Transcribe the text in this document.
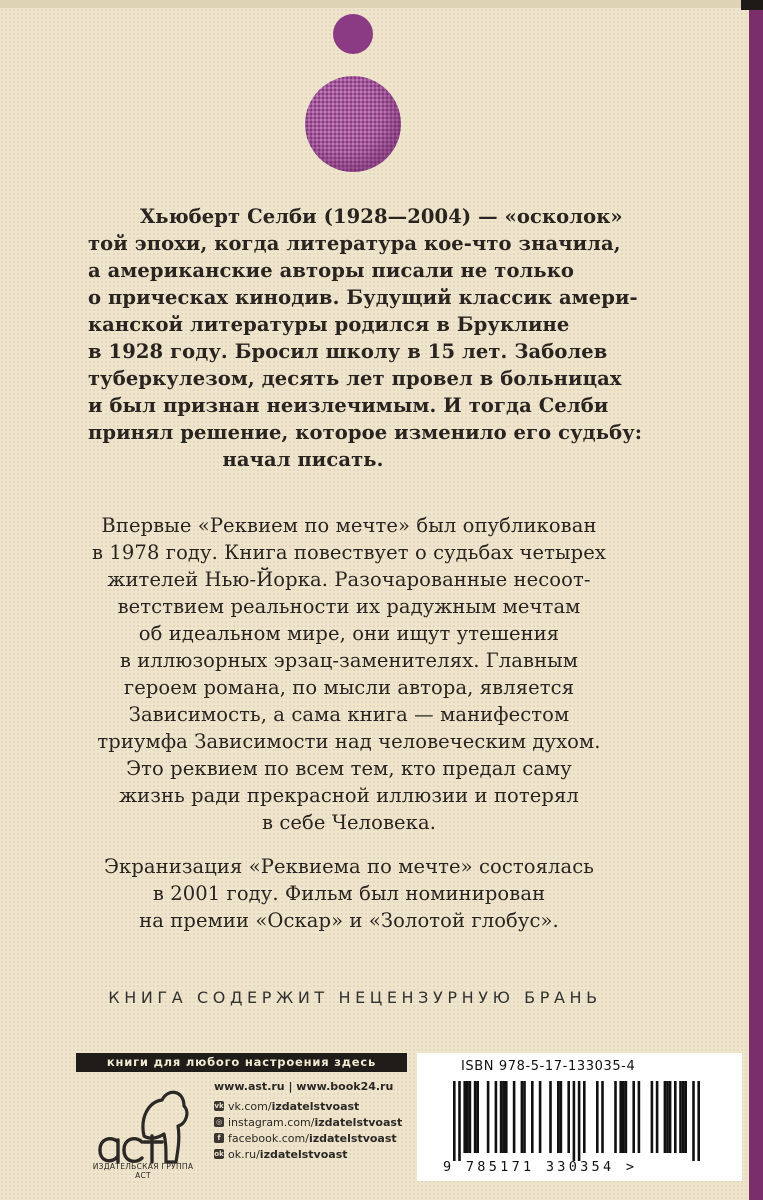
Хьюберт Селби (1928—2004) — «осколок»
той эпохи, когда литература кое-что значила,
а американские авторы писали не только
о прическах кинодив. Будущий классик амери-
канской литературы родился в Бруклине
в 1928 году. Бросил школу в 15 лет. Заболев
туберкулезом, десять лет провел в больницах
и был признан неизлечимым. И тогда Селби
принял решение, которое изменило его судьбу:
начал писать.
Впервые «Реквием по мечте» был опубликован
в 1978 году. Книга повествует о судьбах четырех
жителей Нью-Йорка. Разочарованные несоот-
ветствием реальности их радужным мечтам
об идеальном мире, они ищут утешения
в иллюзорных эрзац-заменителях. Главным
героем романа, по мысли автора, является
Зависимость, а сама книга — манифестом
триумфа Зависимости над человеческим духом.
Это реквием по всем тем, кто предал саму
жизнь ради прекрасной иллюзии и потерял
в себе Человека.
Экранизация «Реквиема по мечте» состоялась
в 2001 году. Фильм был номинирован
на премии «Оскар» и «Золотой глобус».
КНИГА СОДЕРЖИТ НЕЦЕНЗУРНУЮ БРАНЬ
книги для любого настроения здесь
ИЗДАТЕЛЬСКАЯ ГРУППА АСТ
www.ast.ru | www.book24.ru
vk vk.com/ izdatelstvoast
◎ instagram.com/ izdatelstvoast
f facebook.com/ izdatelstvoast
ok ok.ru/ izdatelstvoast
ISBN 978-5-17-133035-4
9 785171 330354 >
